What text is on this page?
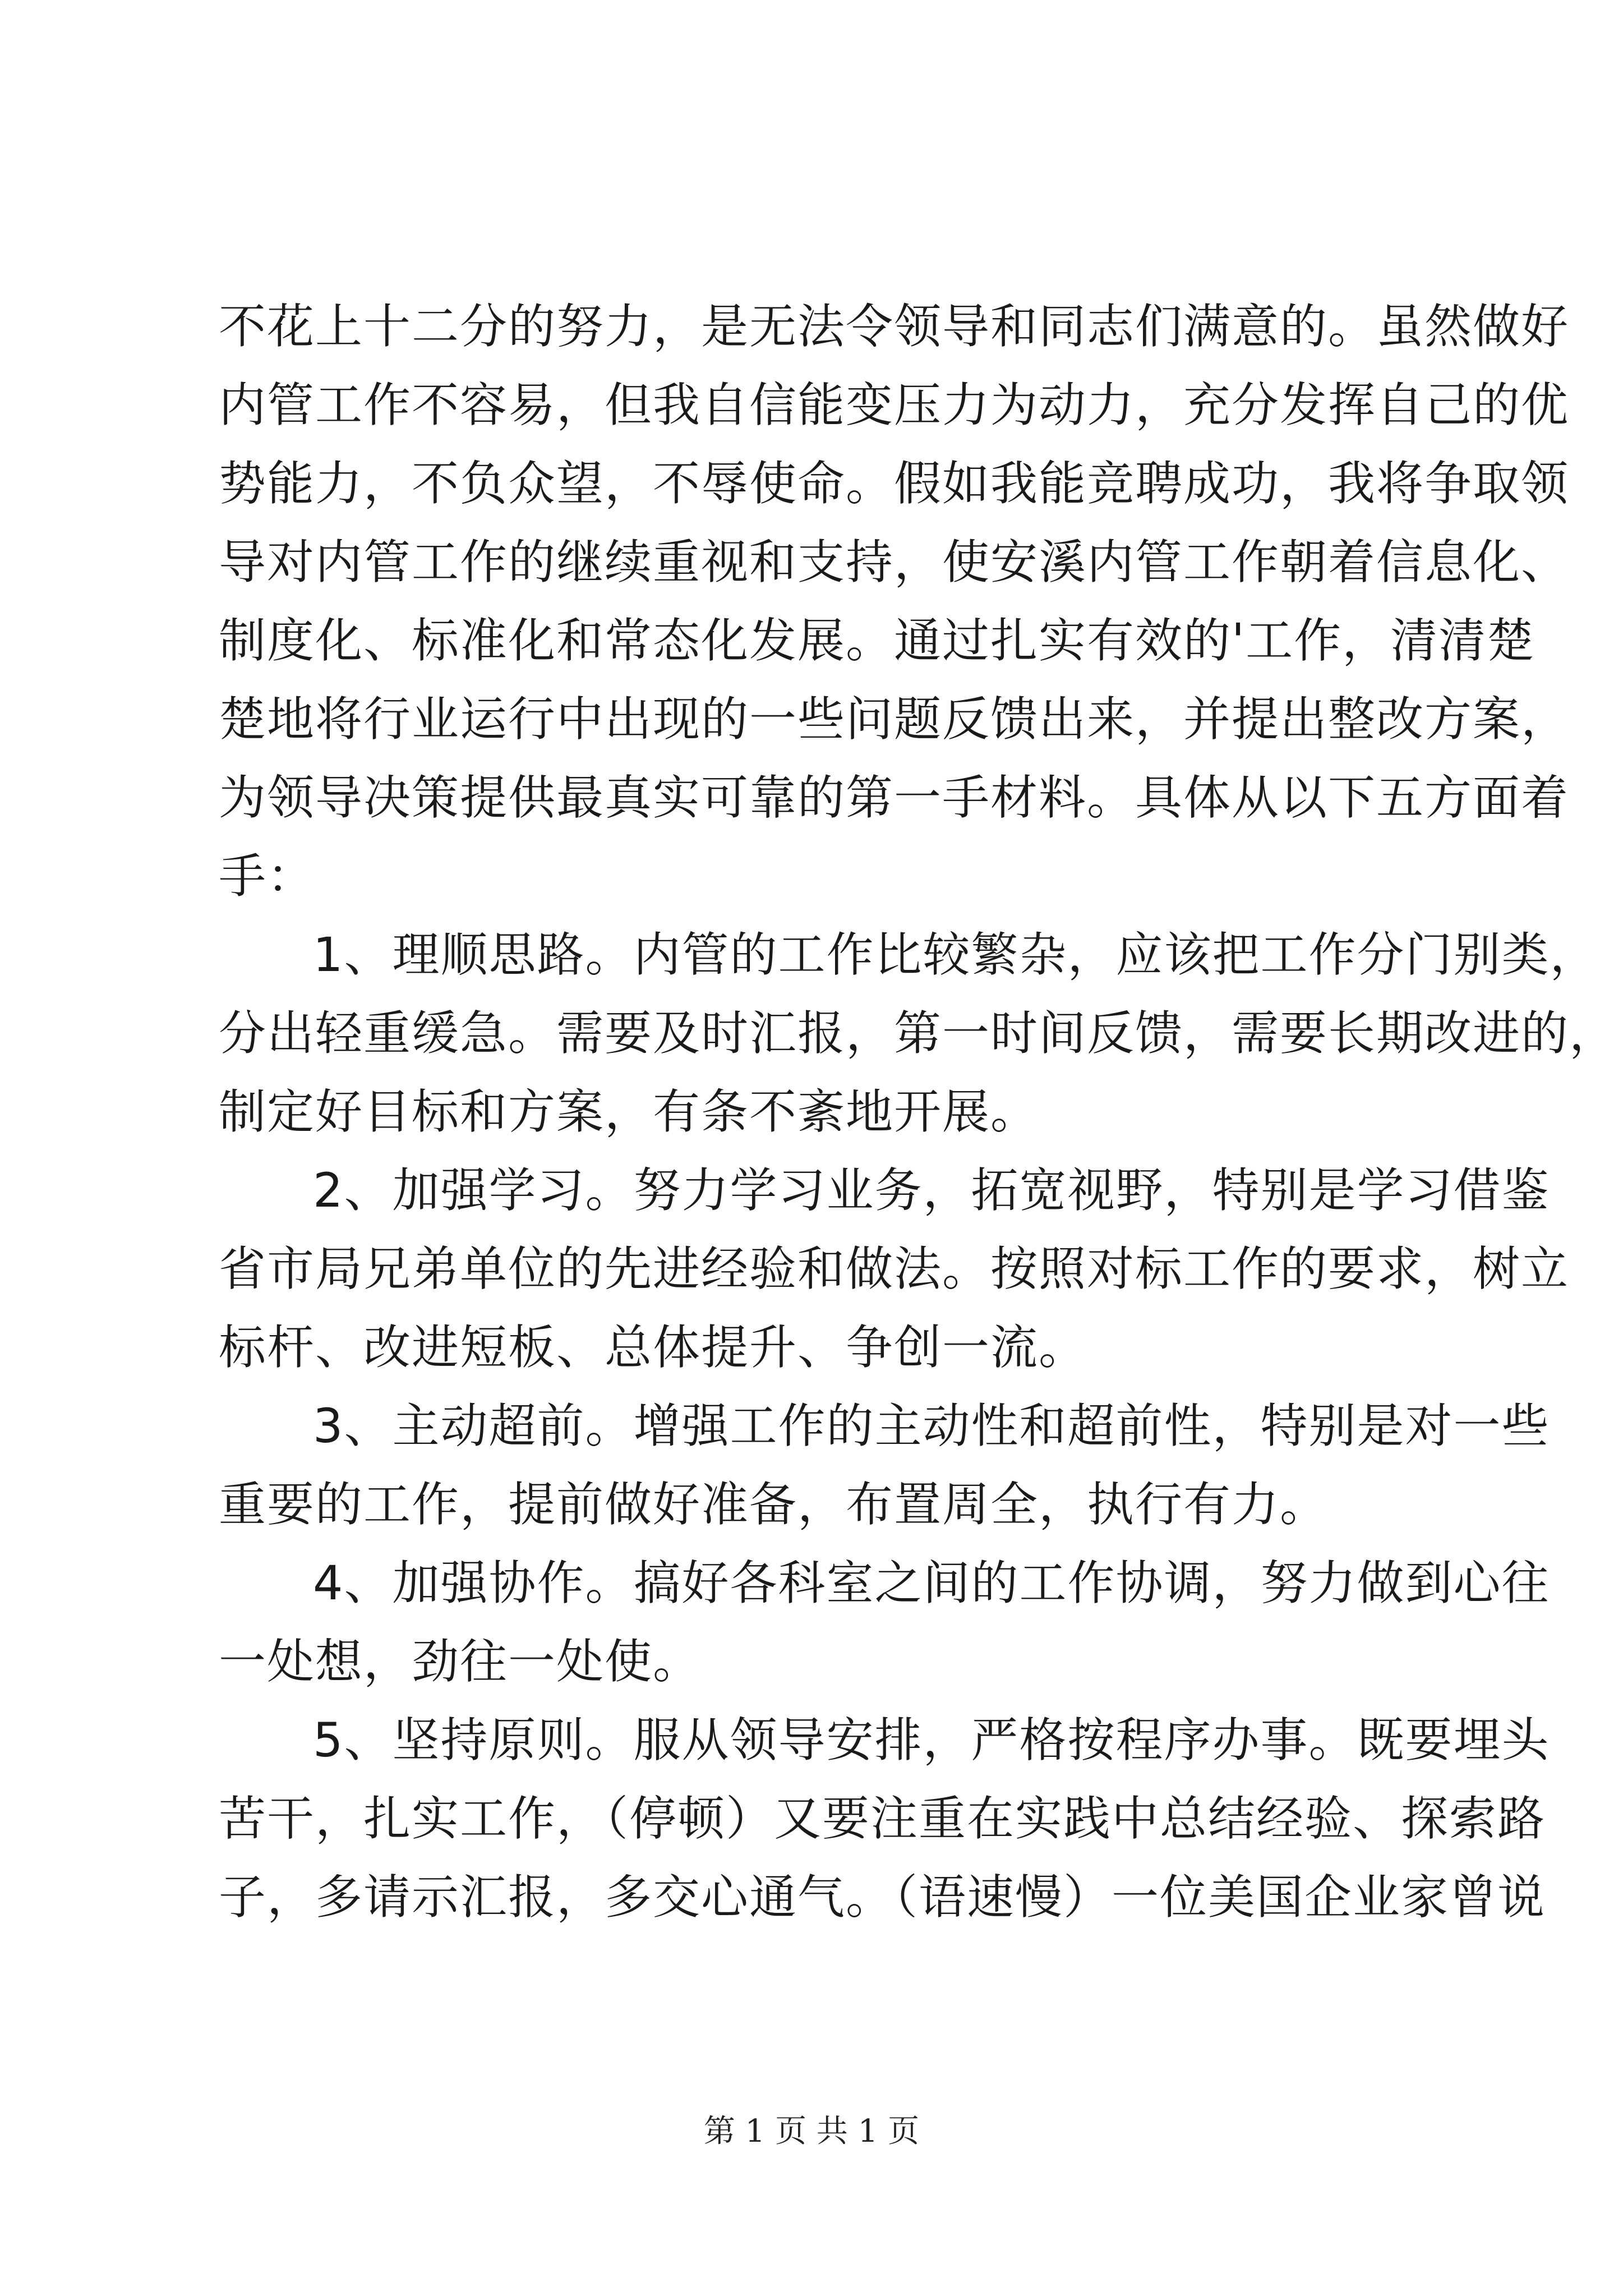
不花上十二分的努力，是无法令领导和同志们满意的。虽然做好
内管工作不容易，但我自信能变压力为动力，充分发挥自己的优
势能力，不负众望，不辱使命。假如我能竞聘成功，我将争取领
导对内管工作的继续重视和支持，使安溪内管工作朝着信息化、
制度化、标准化和常态化发展。通过扎实有效的'工作，清清楚
楚地将行业运行中出现的一些问题反馈出来，并提出整改方案，
为领导决策提供最真实可靠的第一手材料。具体从以下五方面着
手：
1、理顺思路。内管的工作比较繁杂，应该把工作分门别类，
分出轻重缓急。需要及时汇报，第一时间反馈，需要长期改进的，
制定好目标和方案，有条不紊地开展。
2、加强学习。努力学习业务，拓宽视野，特别是学习借鉴
省市局兄弟单位的先进经验和做法。按照对标工作的要求，树立
标杆、改进短板、总体提升、争创一流。
3、主动超前。增强工作的主动性和超前性，特别是对一些
重要的工作，提前做好准备，布置周全，执行有力。
4、加强协作。搞好各科室之间的工作协调，努力做到心往
一处想，劲往一处使。
5、坚持原则。服从领导安排，严格按程序办事。既要埋头
苦干，扎实工作，（停顿）又要注重在实践中总结经验、探索路
子，多请示汇报，多交心通气。（语速慢）一位美国企业家曾说
第 1 页 共 1 页
